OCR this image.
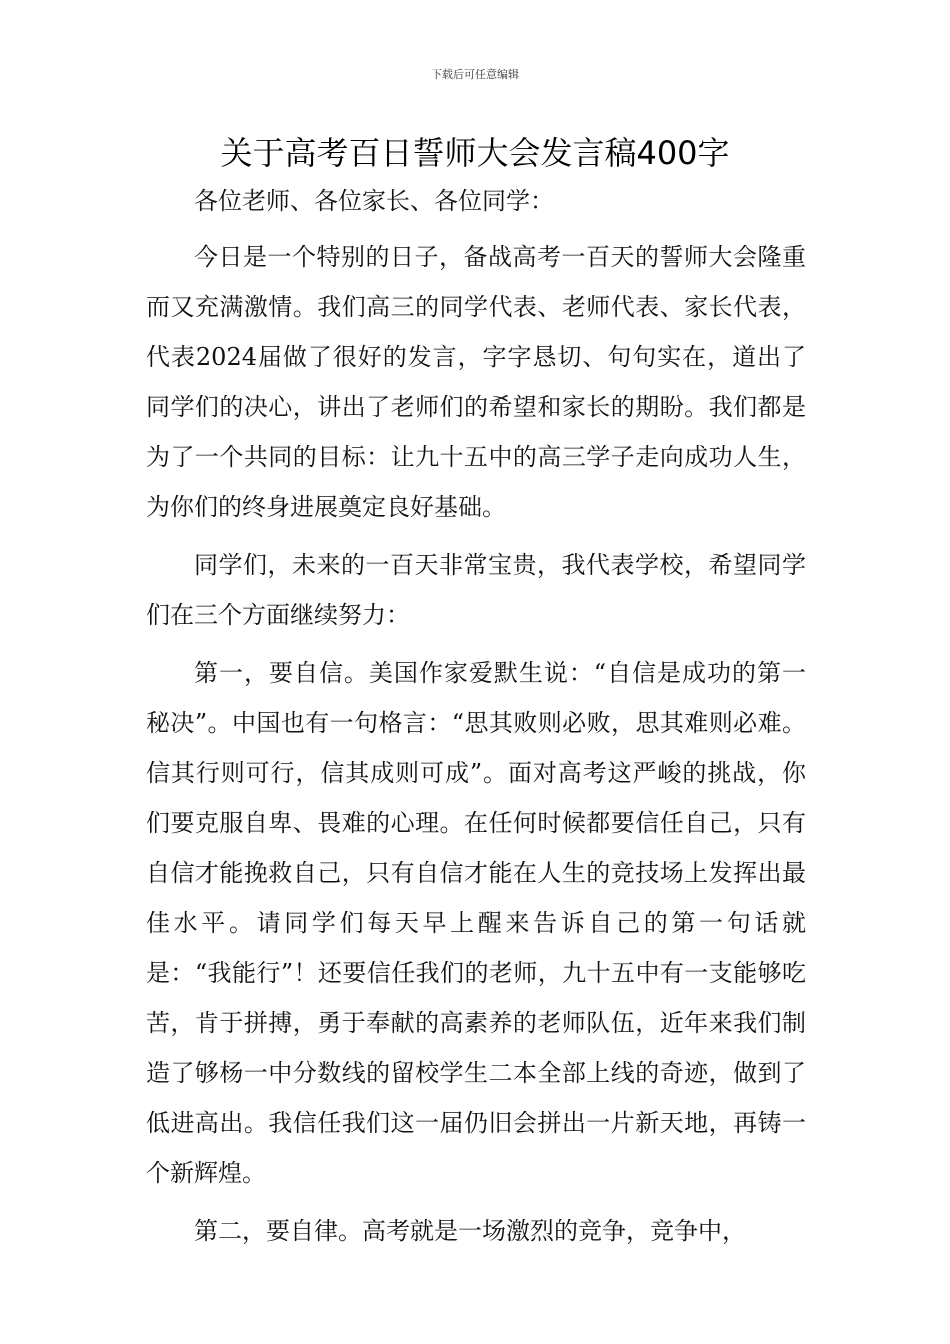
下载后可任意编辑
关于高考百日誓师大会发言稿400字

各位老师、各位家长、各位同学：

今日是一个特别的日子，备战高考一百天的誓师大会隆重而又充满激情。我们高三的同学代表、老师代表、家长代表，代表2024届做了很好的发言，字字恳切、句句实在，道出了同学们的决心，讲出了老师们的希望和家长的期盼。我们都是为了一个共同的目标：让九十五中的高三学子走向成功人生，为你们的终身进展奠定良好基础。

同学们，未来的一百天非常宝贵，我代表学校，希望同学们在三个方面继续努力：

第一，要自信。美国作家爱默生说：“自信是成功的第一秘决”。中国也有一句格言：“思其败则必败，思其难则必难。信其行则可行，信其成则可成”。面对高考这严峻的挑战，你们要克服自卑、畏难的心理。在任何时候都要信任自己，只有自信才能挽救自己，只有自信才能在人生的竞技场上发挥出最佳水平。请同学们每天早上醒来告诉自己的第一句话就是：“我能行”！还要信任我们的老师，九十五中有一支能够吃苦，肯于拼搏，勇于奉献的高素养的老师队伍，近年来我们制造了够杨一中分数线的留校学生二本全部上线的奇迹，做到了低进高出。我信任我们这一届仍旧会拼出一片新天地，再铸一个新辉煌。

第二，要自律。高考就是一场激烈的竞争，竞争中，
